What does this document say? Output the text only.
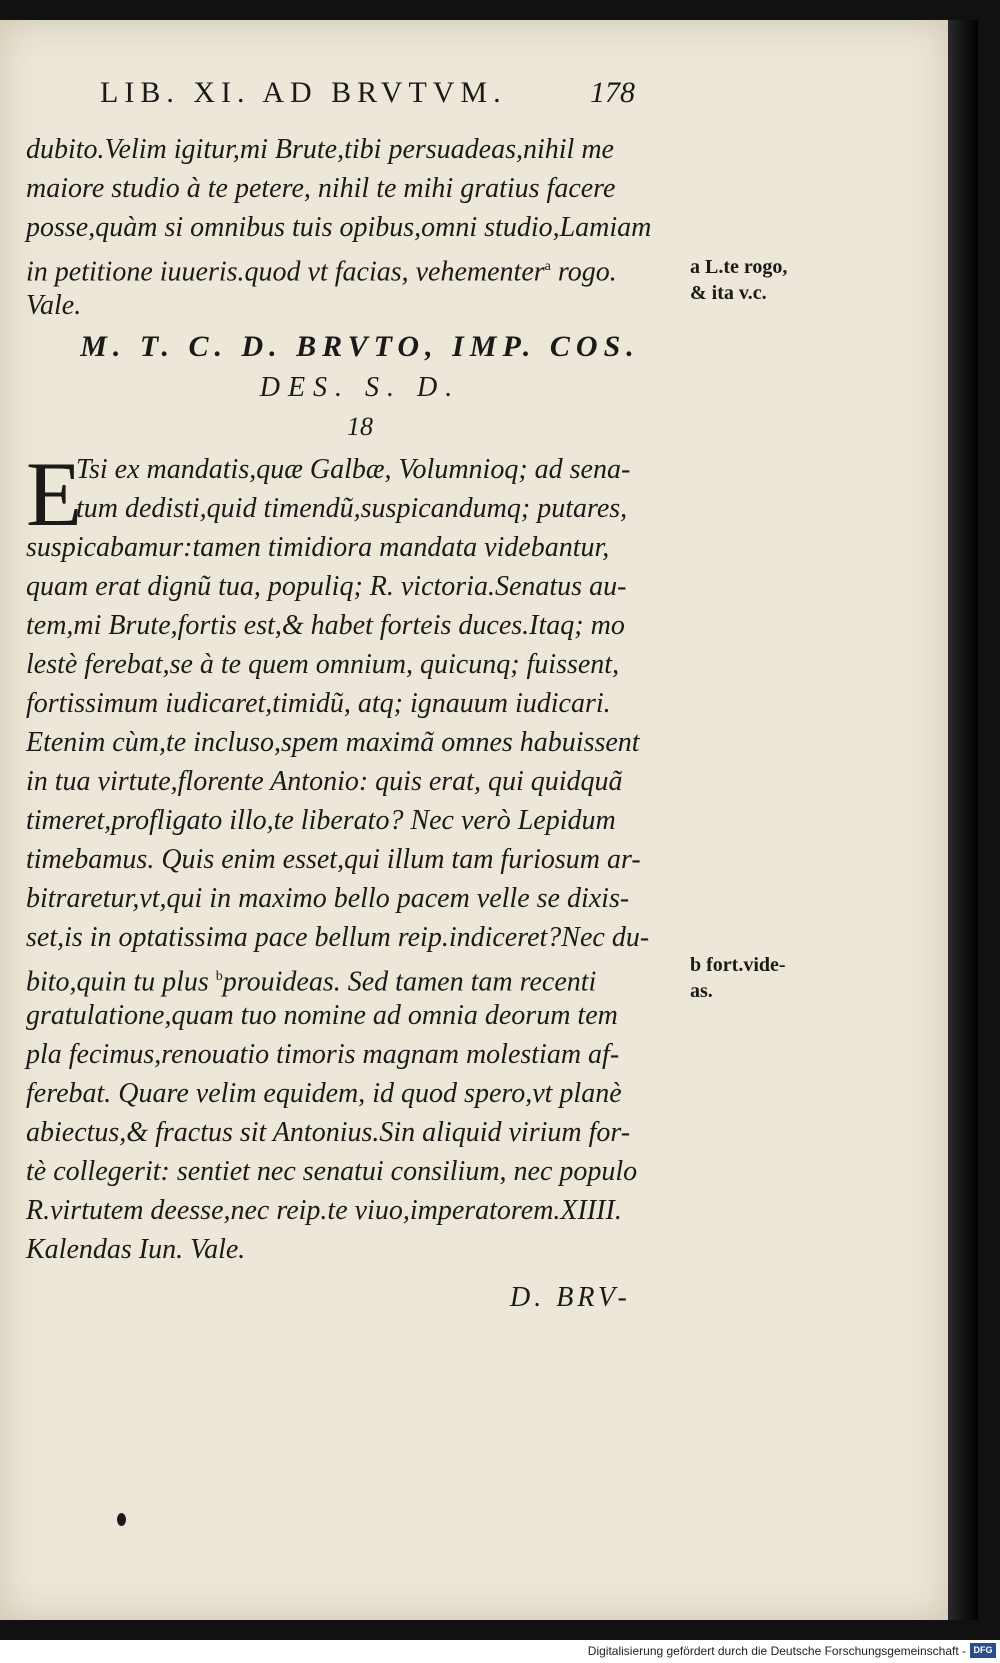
LIB. XI. AD BRVTVM.	178
dubito.Velim igitur,mi Brute,tibi persuadeas,nihil me
maiore studio à te petere, nihil te mihi gratius facere
posse,quàm si omnibus tuis opibus,omni studio,Lamiam
in petitione iuueris.quod vt facias, vehementer$^a$ rogo.
Vale.
M. T. C. D. BRVTO, IMP. COS.
DES. S. D.
18
E
Tsi ex mandatis,quæ Galbæ, Volumnioq; ad sena-
tum dedisti,quid timendũ,suspicandumq; putares,
suspicabamur:tamen timidiora mandata videbantur,
quam erat dignũ tua, populiq; R. victoria.Senatus au-
tem,mi Brute,fortis est,& habet forteis duces.Itaq; mo
lestè ferebat,se à te quem omnium, quicunq; fuissent,
fortissimum iudicaret,timidũ, atq; ignauum iudicari.
Etenim cùm,te incluso,spem maximã omnes habuissent
in tua virtute,florente Antonio: quis erat, qui quidquã
timeret,profligato illo,te liberato? Nec verò Lepidum
timebamus. Quis enim esset,qui illum tam furiosum ar-
bitraretur,vt,qui in maximo bello pacem velle se dixis-
set,is in optatissima pace bellum reip.indiceret?Nec du-
bito,quin tu plus $^b$prouideas. Sed tamen tam recenti
gratulatione,quam tuo nomine ad omnia deorum tem
pla fecimus,renouatio timoris magnam molestiam af-
ferebat. Quare velim equidem, id quod spero,vt planè
abiectus,& fractus sit Antonius.Sin aliquid virium for-
tè collegerit: sentiet nec senatui consilium, nec populo
R.virtutem deesse,nec reip.te viuo,imperatorem.XIIII.
Kalendas Iun. Vale.
a L.te rogo,
& ita v.c.
b fort.vide-
as.
D. BRV-
Digitalisierung gefördert durch die Deutsche Forschungsgemeinschaft - DFG
